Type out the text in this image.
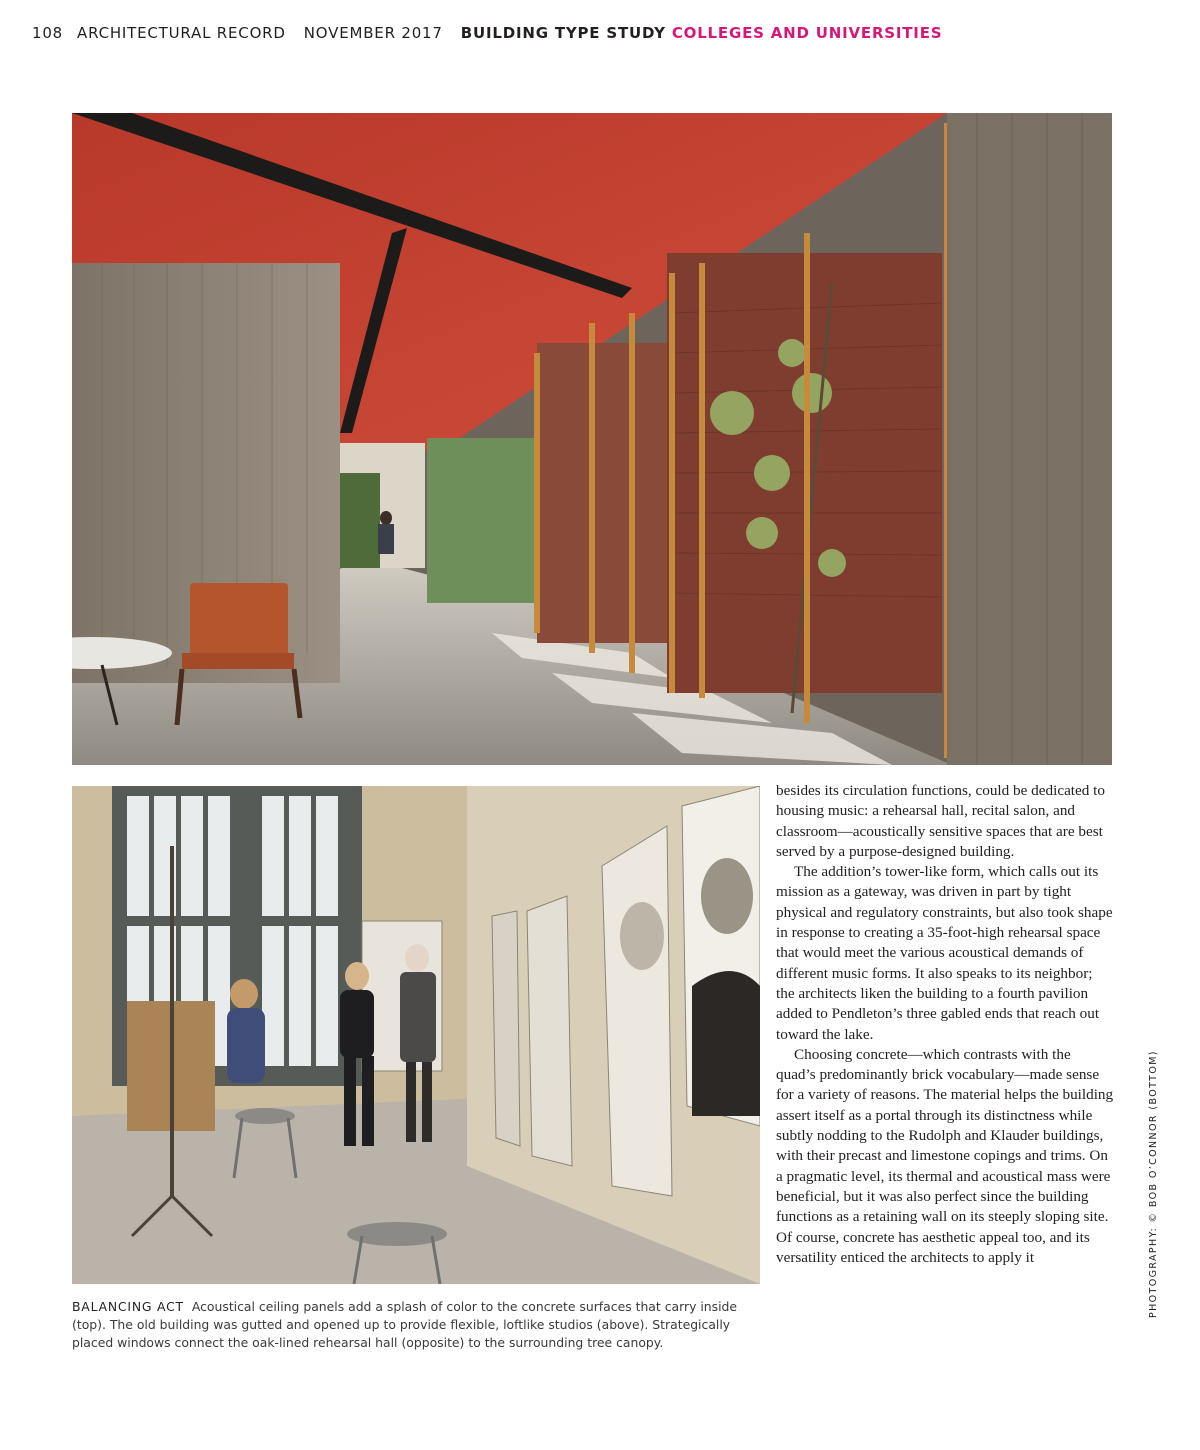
108 ARCHITECTURAL RECORD NOVEMBER 2017 BUILDING TYPE STUDY COLLEGES AND UNIVERSITIES
BALANCING ACT Acoustical ceiling panels add a splash of color to the concrete surfaces that carry inside (top). The old building was gutted and opened up to provide flexible, loftlike studios (above). Strategically placed windows connect the oak-lined rehearsal hall (opposite) to the surrounding tree canopy.

besides its circulation functions, could be dedicated to housing music: a rehearsal hall, recital salon, and classroom—acoustically sensitive spaces that are best served by a purpose-designed building.

The addition’s tower-like form, which calls out its mission as a gateway, was driven in part by tight physical and regulatory constraints, but also took shape in response to creating a 35-foot-high rehearsal space that would meet the various acoustical demands of different music forms. It also speaks to its neighbor; the architects liken the building to a fourth pavilion added to Pendleton’s three gabled ends that reach out toward the lake.

Choosing concrete—which contrasts with the quad’s predominantly brick vocabulary—made sense for a variety of reasons. The material helps the building assert itself as a portal through its distinctness while subtly nodding to the Rudolph and Klauder buildings, with their precast and limestone copings and trims. On a pragmatic level, its thermal and acoustical mass were beneficial, but it was also perfect since the building functions as a retaining wall on its steeply sloping site. Of course, concrete has aesthetic appeal too, and its versatility enticed the architects to apply it	PHOTOGRAPHY: © BOB O’CONNOR (BOTTOM)
